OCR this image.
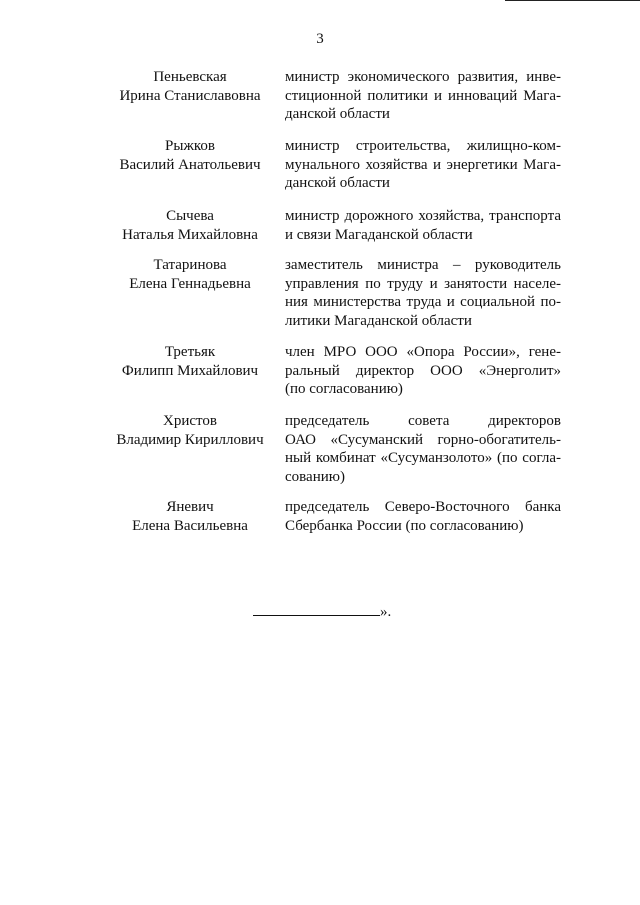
3
Пеньевская
Ирина Станиславовна
министр экономического развития, инве-
стиционной политики и инноваций Мага-
данской области
Рыжков
Василий Анатольевич
министр строительства, жилищно-ком-
мунального хозяйства и энергетики Мага-
данской области
Сычева
Наталья Михайловна
министр дорожного хозяйства, транспорта
и связи Магаданской области
Татаринова
Елена Геннадьевна
заместитель министра – руководитель
управления по труду и занятости населе-
ния министерства труда и социальной по-
литики Магаданской области
Третьяк
Филипп Михайлович
член МРО ООО «Опора России», гене-
ральный директор ООО «Энерголит»
(по согласованию)
Христов
Владимир Кириллович
председатель совета директоров
ОАО «Сусуманский горно-обогатитель-
ный комбинат «Сусуманзолото» (по согла-
сованию)
Яневич
Елена Васильевна
председатель Северо-Восточного банка
Сбербанка России (по согласованию)
».
